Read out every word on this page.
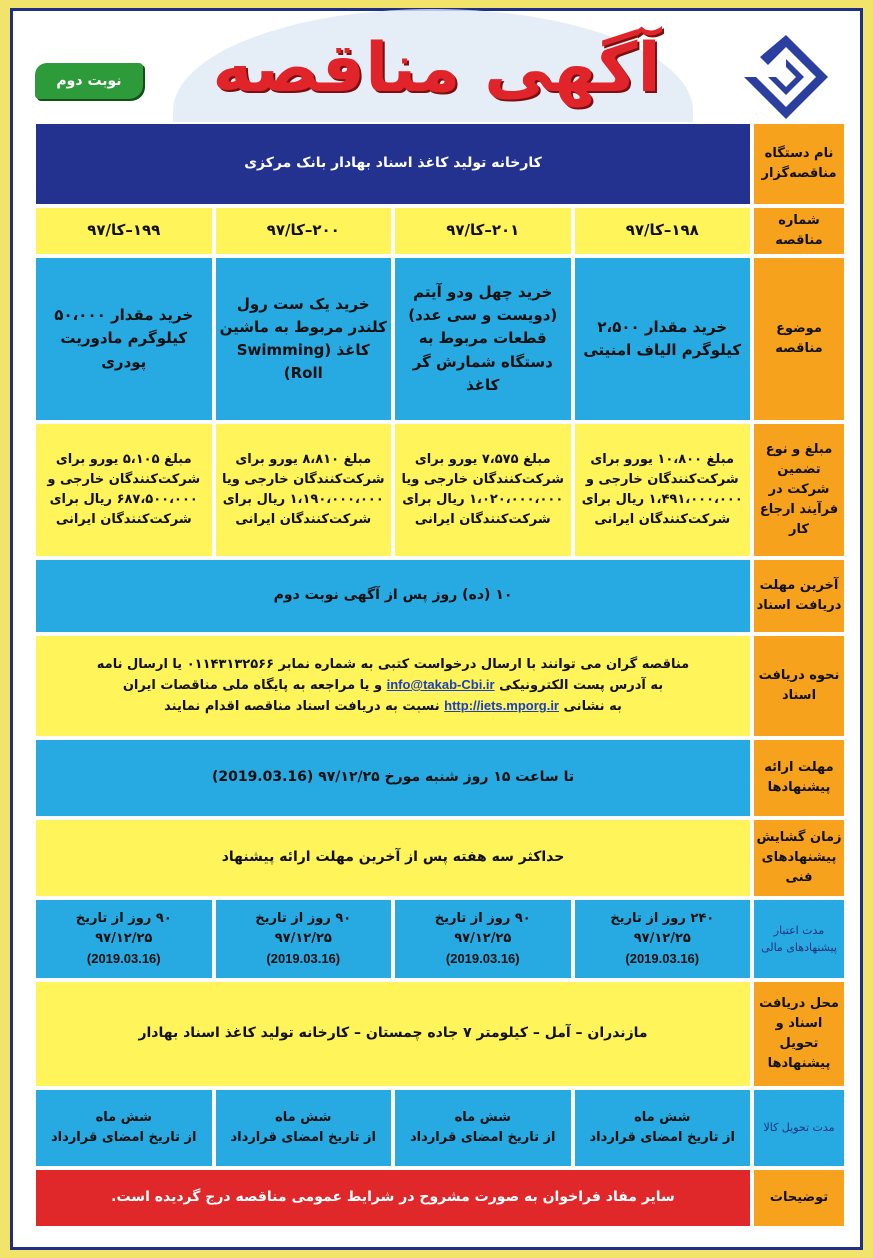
آگهی مناقصه
نوبت دوم
نام دستگاه مناقصه‌گزار
کارخانه تولید کاغذ اسناد بهادار بانک مرکزی
شماره مناقصه
۱۹۸–کا/۹۷
۲۰۱–کا/۹۷
۲۰۰–کا/۹۷
۱۹۹–کا/۹۷
موضوع مناقصه
خرید مقدار ۲،۵۰۰ کیلوگرم الیاف امنیتی
خرید چهل ودو آیتم (دویست و سی عدد) قطعات مربوط به دستگاه شمارش گر کاغذ
خرید یک ست رول کلندر مربوط به ماشین کاغذ (Swimming Roll)
خرید مقدار ۵۰،۰۰۰ کیلوگرم مادوریت پودری
مبلغ و نوع تضمین شرکت در فرآیند ارجاع کار
مبلغ ۱۰،۸۰۰ یورو برای شرکت‌کنندگان خارجی و ۱،۴۹۱،۰۰۰،۰۰۰ ریال برای شرکت‌کنندگان ایرانی
مبلغ ۷،۵۷۵ یورو برای شرکت‌کنندگان خارجی ویا ۱،۰۲۰،۰۰۰،۰۰۰ ریال برای شرکت‌کنندگان ایرانی
مبلغ ۸،۸۱۰ یورو برای شرکت‌کنندگان خارجی ویا ۱،۱۹۰،۰۰۰،۰۰۰ ریال برای شرکت‌کنندگان ایرانی
مبلغ ۵،۱۰۵ یورو برای شرکت‌کنندگان خارجی و ۶۸۷،۵۰۰،۰۰۰ ریال برای شرکت‌کنندگان ایرانی
آخرین مهلت دریافت اسناد
۱۰ (ده) روز پس از آگهی نوبت دوم
نحوه دریافت اسناد
مناقصه گران می توانند با ارسال درخواست کتبی به شماره نمابر ۰۱۱۴۳۱۳۲۵۶۶ یا ارسال نامه
به آدرس پست الکترونیکی info@takab-Cbi.ir و یا مراجعه به پایگاه ملی مناقصات ایران
به نشانی http://iets.mporg.ir نسبت به دریافت اسناد مناقصه اقدام نمایند
مهلت ارائه پیشنهادها
تا ساعت ۱۵ روز شنبه مورخ ۹۷/۱۲/۲۵ (2019.03.16)
زمان گشایش پیشنهادهای فنی
حداکثر سه هفته پس از آخرین مهلت ارائه پیشنهاد
مدت اعتبار پیشنهادهای مالی
۲۴۰ روز از تاریخ
۹۷/۱۲/۲۵
(2019.03.16)
۹۰ روز از تاریخ
۹۷/۱۲/۲۵
(2019.03.16)
۹۰ روز از تاریخ
۹۷/۱۲/۲۵
(2019.03.16)
۹۰ روز از تاریخ
۹۷/۱۲/۲۵
(2019.03.16)
محل دریافت اسناد و تحویل پیشنهادها
مازندران – آمل – کیلومتر ۷ جاده چمستان – کارخانه تولید کاغذ اسناد بهادار
مدت تحویل کالا
شش ماه
از تاریخ امضای قرارداد
شش ماه
از تاریخ امضای قرارداد
شش ماه
از تاریخ امضای قرارداد
شش ماه
از تاریخ امضای قرارداد
توضیحات
سایر مفاد فراخوان به صورت مشروح در شرایط عمومی مناقصه درج گردیده است.
